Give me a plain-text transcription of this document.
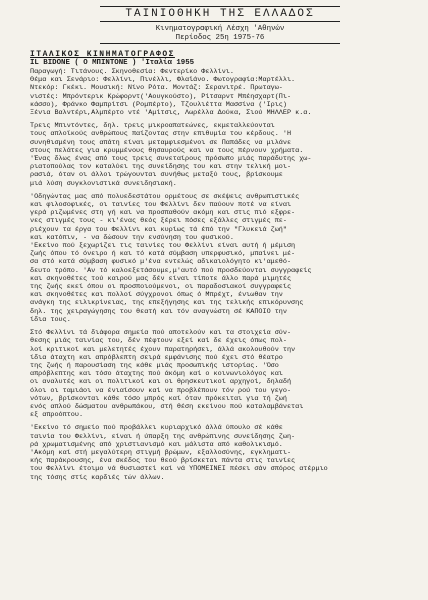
ΤΑΙΝΙΟΘΗΚΗ ΤΗΣ ΕΛΛΑΔΟΣ
Κινηματογραφική Λέσχη 'Αθηνών
Περίοδος 25η 1975-76
ΙΤΑΛΙΚΟΣ ΚΙΝΗΜΑΤΟΓΡΑΦΟΣ
ΙL BIDONE ( Ο ΜΠΙΝΤΟΝΕ ) 'Ιταλία 1955
Παραγωγή: Τιτάνους. Σκηνοθεσία: Φεντερίκο Φελλίνι.
Θέμα και Σενάριο: Φελλίνι, Πινέλλι, Φλαϊάνο. Φωτογραφία:Μαρτέλλι.
Ντεκόρ: Γκέκι. Μουσική: Νίνο Ρότα. Μοντάζ: Σερανιτρέ. Πρωταγω-
νιστές: Μπρόντερικ Κρώφορντ('Αουγκούστο), Ρίτσαρντ Μπέησχαρτ(Πι-
κάσσο), Φράνκο Φαμπρίτσι (Ρομπέρτο), Τζουλιέττα Μασσίνα ('Ιρις)
Ξένια Βαλντέρι,Αλμπέρτο ντέ 'Αμίτσις, Λωρέλλα Δούκα, Σιού ΜΗΛΛΕΡ κ.α.
Τρεις Μπιντόντες, δηλ. τρεις μικροαπατεώνες, εκμεταλλεύονται
τους απλοϊκούς ανθρώπους παίζοντας στην επιθυμία του κέρδους. 'Η
συνηθισμένη τους απάτη είναι μεταμφιεσμένοι σε Παπάδες να μιλάνε
στους πελάτες για κρυμμένους θησαυρούς και να τους πέρνουν χρήματα.
'Ένας δλως ένας από τους τρεις συνεταίρους πρόσωπο μιάς παράδυτης χω-
ριατοπούλας τον καταλύει της συνείδησης του και στην τελική μοι-
ρασιά, όταν οι άλλοι τρώγουνται συνήθως μεταξύ τους, βρίσκουμε
μιά λύση συγκλονιστικά συνειδησιακή.
'Οδηγώντας μας από πολυεδεστάτου ορμέτους σε σκέψεις ανθρωπιστικές
και φιλοσοφικές, οι ταινίες του Φελλίνι δεν παύουν ποτέ να είναι
γερά ριζωμένες στη γή και να προσπαθούν ακόμη και στις πιό εξφρε-
νες στιγμές τους - κι'ένας θεός ξέρει πόσες εξάλλες στιγμές πε-
ριέχουν τα έργα του Φελλίνι και κυρίως τά έπό την "Γλυκειά ζωή"
και κατόπιν, - να δώσουν την ενσύνηση του φυσικού.
'Εκείνο πού ξεχωρίζει τις ταινίες του Φελλίνι είναι αυτή ή μέμιση
ζωής όπου τό όνειρο ή και τό κατά σύμβαση υπερφυσικό, μπαίνει μέ-
σα στό κατά σύμβαση φυσικό μ'ένα εντελώς αδικαιολόγητο κι'αμεθό-
δευτο τρόπο. 'Αν τό καλοεξετάσουμε,μ'αυτό πού προσδεύονται συγγραφείς
και σκηνοθέτες τού καιρού μας δέν είναι τίποτε άλλο παρά μιμητές
της ζωής εκεί όπου οι προσποιούμενοι, οι παραδοσιακοί συγγραφείς
και σκηνοθέτες και πολλοί σύγχρονοι όπως ό Μπρέχτ, ένιωθαν την
ανάγκη της ειλικρίνειας, της επεξήγησης και της τελικής επικόρυνσης
δηλ. της χειραγώγησης του θεατή και τόν αναγνώστη σέ ΚΑΠΟΙΟ την
ίδια τους.
Στό Φελλίνι τά διάφορα σημεία πού αποτελούν και τα στοιχεία σύν-
θεσης μιάς ταινίας του, δέν πέφτουν εξεί καί δε έχεις όπως πολ-
λοί κριτικοί και μελετητές έχουν παρατηρήσει, άλλά ακολουθούν την
ίδια άταχτη και απρόβλεπτη σειρά εμφάνισης πού έχει στό θέατρο
της ζωής ή παρουσίαση της κάθε μιάς προσωπικής ιστορίας. 'Όσο
απρόβλεπτης και τόσο άταχτης πού άκόμη καί ο κοινωνιολόγος και
οι αναλυτές και οι πολιτικοί και οι θρησκευτικοί αρχηγοί, δηλαδή
όλοι οι ταμιάοι να ένιαίσουν καί να προβλέπουν τόν ρού του γεγο-
νότων, βρίσκονται κάθε τόσο μπρός καί όταν πρόκειται για τή ζωή
ενός απλού δώσματου ανθρωπάκου, στή θέση εκείνου πού καταλαμβάνεται
εξ απροόπτου.
'Εκείνο τό σημείο πού προβάλλει κυριαρχικό άλλά ύπουλο σέ κάθε
ταινία του Φελλίνι, είναι ή ύπαρξη της ανθρώπινης συνείδησης ζωη-
ρά χρωματισμένης από χριστιανισμό και μάλιστα από καθολικισμό.
'Ακόμη καί στή μεγαλύτερη στιγμή βρώμων, εξαλλοσύνης, εγκληματι-
κής παράκρουσης, ένα σκέδος του θεού βρίσκεται πάντα στις ταινίες
του Φελλίνι έτοιμο νά θυσιαστεί καί νά ΥΠΟΜΕΙΝΕΙ πέσει σάν σπόρος ατέρμιο
της τόσης στίς καρδιές τών άλλων.
